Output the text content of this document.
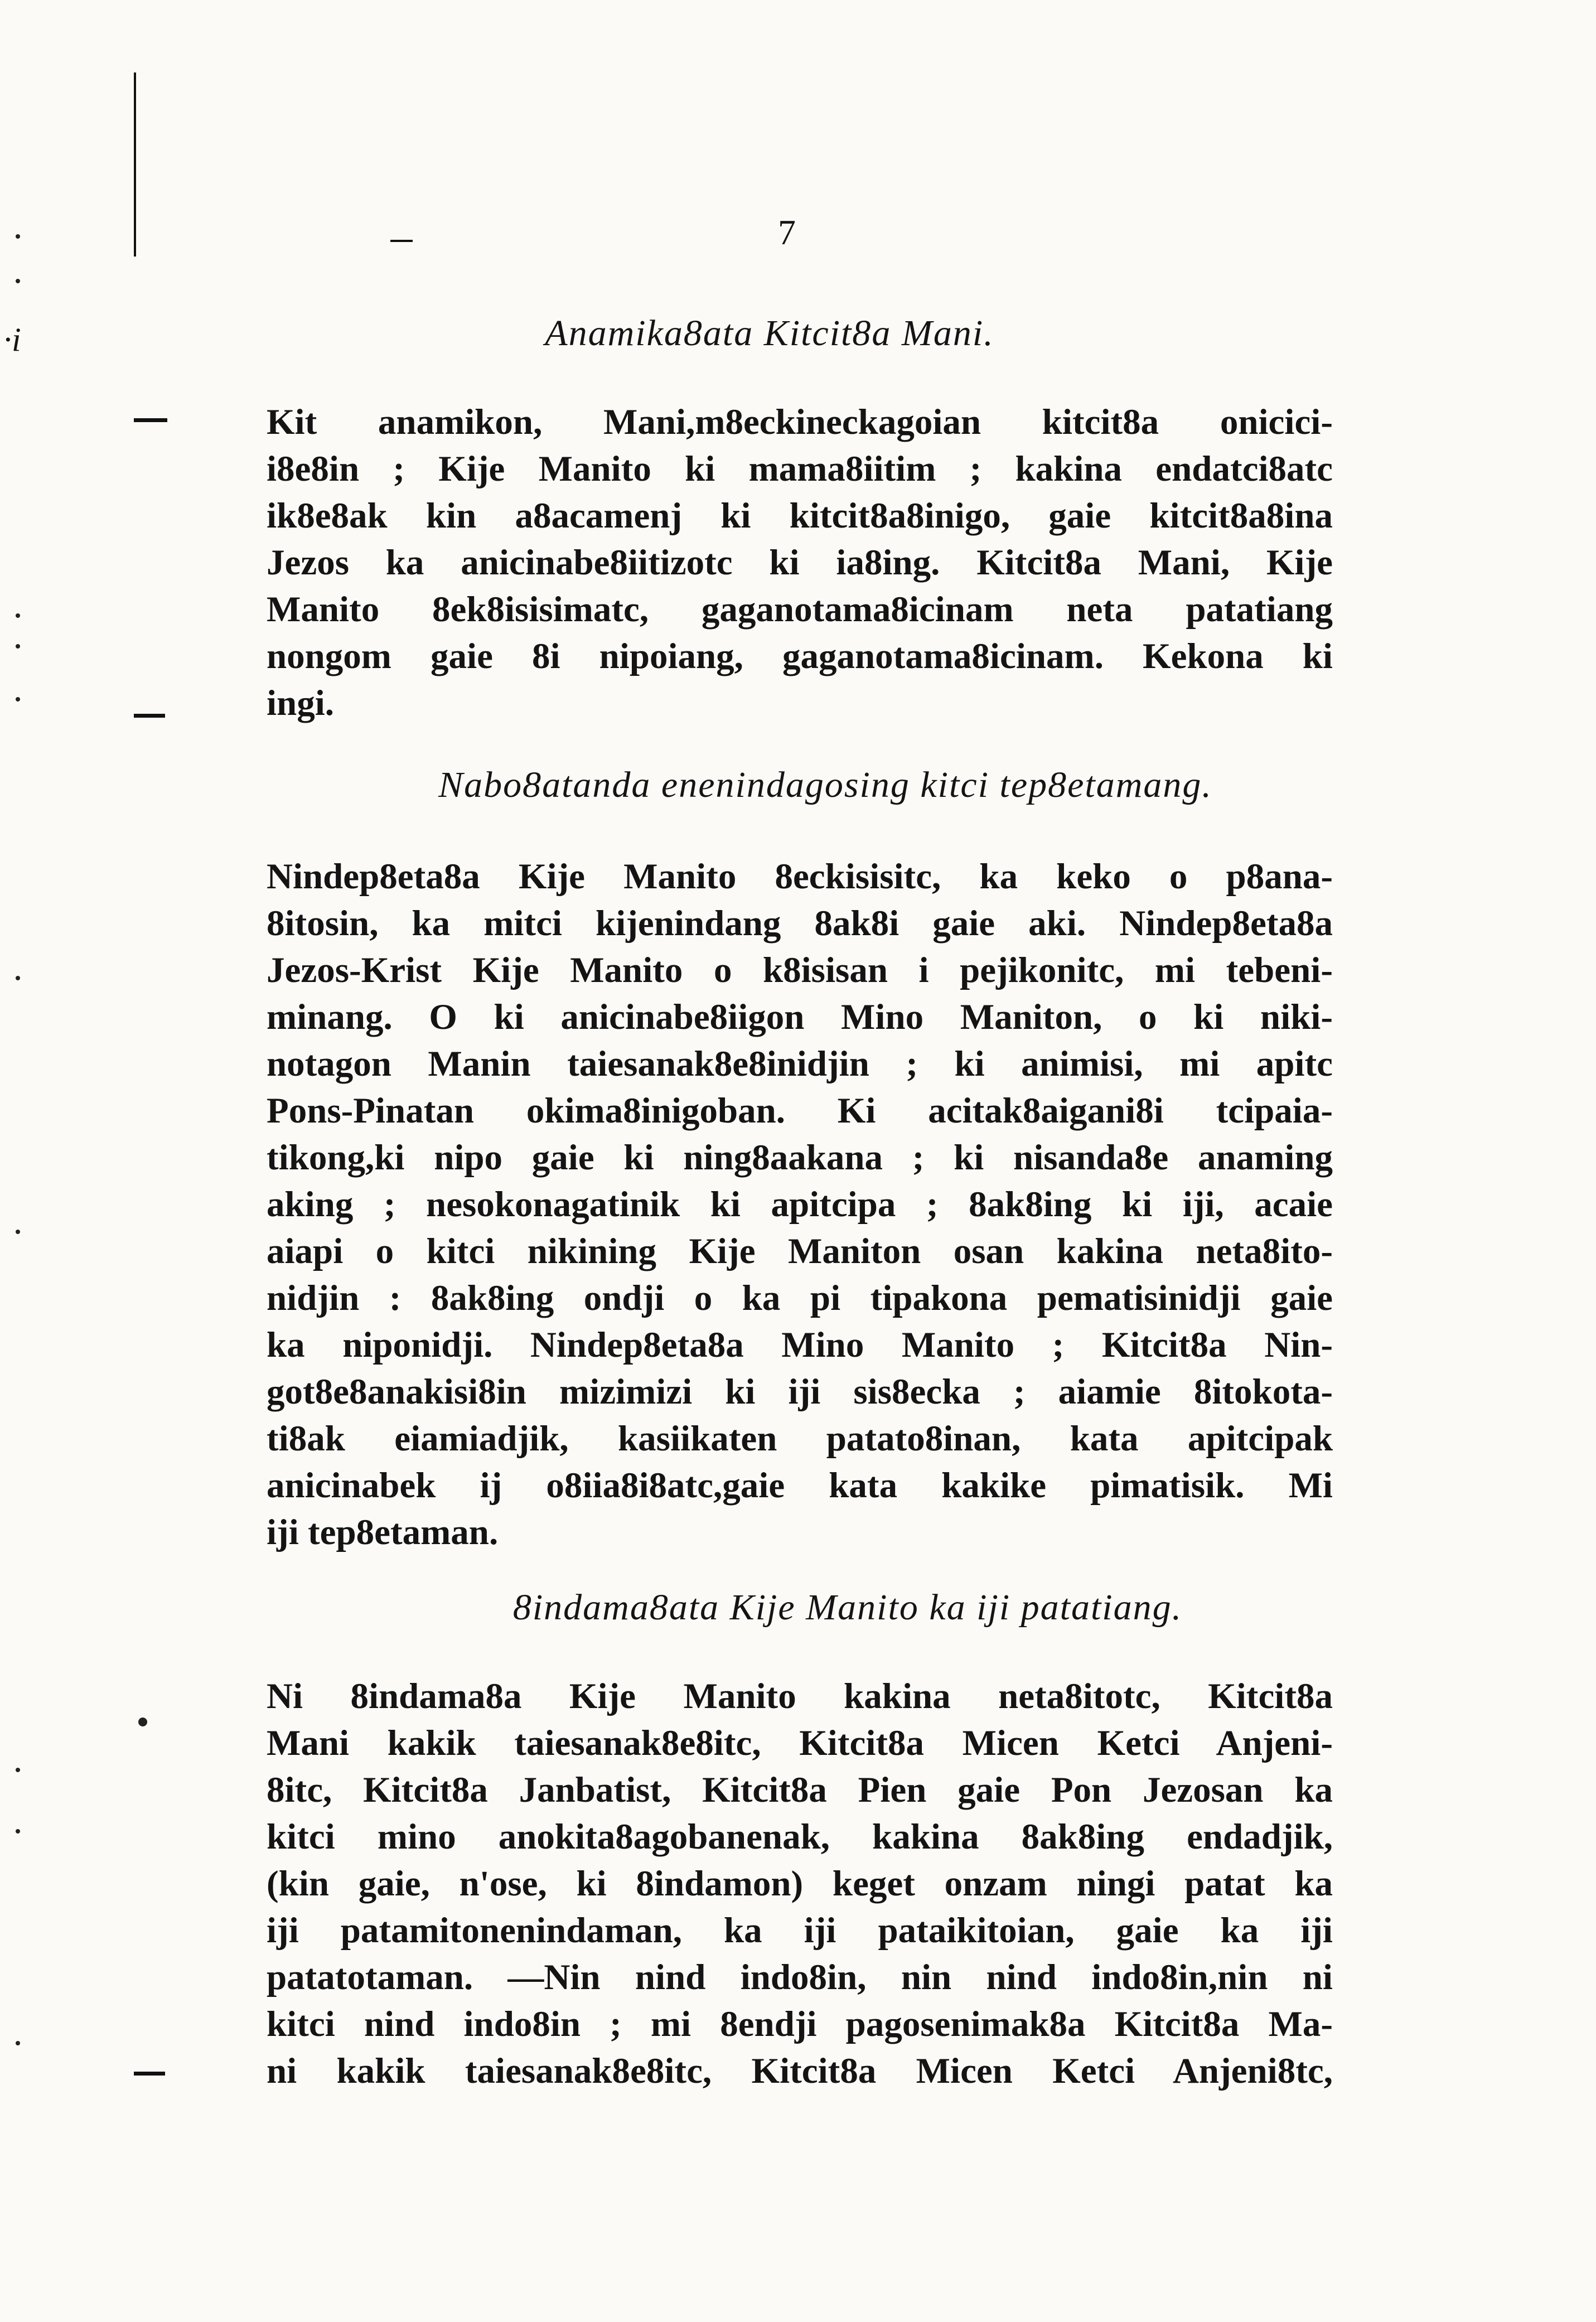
·i
7
Anamika8ata Kitcit8a Mani.
Kit anamikon, Mani,m8eckineckagoian kitcit8a onicici-
i8e8in ; Kije Manito ki mama8iitim ; kakina endatci8atc
ik8e8ak kin a8acamenj ki kitcit8a8inigo, gaie kitcit8a8ina
Jezos ka anicinabe8iitizotc ki ia8ing. Kitcit8a Mani, Kije
Manito 8ek8isisimatc, gaganotama8icinam neta patatiang
nongom gaie 8i nipoiang, gaganotama8icinam. Kekona ki
ingi.
Nabo8atanda enenindagosing kitci tep8etamang.
Nindep8eta8a Kije Manito 8eckisisitc, ka keko o p8ana-
8itosin, ka mitci kijenindang 8ak8i gaie aki. Nindep8eta8a
Jezos-Krist Kije Manito o k8isisan i pejikonitc, mi tebeni-
minang. O ki anicinabe8iigon Mino Maniton, o ki niki-
notagon Manin taiesanak8e8inidjin ; ki animisi, mi apitc
Pons-Pinatan okima8inigoban. Ki acitak8aigani8i tcipaia-
tikong,ki nipo gaie ki ning8aakana ; ki nisanda8e anaming
aking ; nesokonagatinik ki apitcipa ; 8ak8ing ki iji, acaie
aiapi o kitci nikining Kije Maniton osan kakina neta8ito-
nidjin : 8ak8ing ondji o ka pi tipakona pematisinidji gaie
ka niponidji. Nindep8eta8a Mino Manito ; Kitcit8a Nin-
got8e8anakisi8in mizimizi ki iji sis8ecka ; aiamie 8itokota-
ti8ak eiamiadjik, kasiikaten patato8inan, kata apitcipak
anicinabek ij o8iia8i8atc,gaie kata kakike pimatisik. Mi
iji tep8etaman.
8indama8ata Kije Manito ka iji patatiang.
Ni 8indama8a Kije Manito kakina neta8itotc, Kitcit8a
Mani kakik taiesanak8e8itc, Kitcit8a Micen Ketci Anjeni-
8itc, Kitcit8a Janbatist, Kitcit8a Pien gaie Pon Jezosan ka
kitci mino anokita8agobanenak, kakina 8ak8ing endadjik,
(kin gaie, n'ose, ki 8indamon) keget onzam ningi patat ka
iji patamitonenindaman, ka iji pataikitoian, gaie ka iji
patatotaman. —Nin nind indo8in, nin nind indo8in,nin ni
kitci nind indo8in ; mi 8endji pagosenimak8a Kitcit8a Ma-
ni kakik taiesanak8e8itc, Kitcit8a Micen Ketci Anjeni8tc,
